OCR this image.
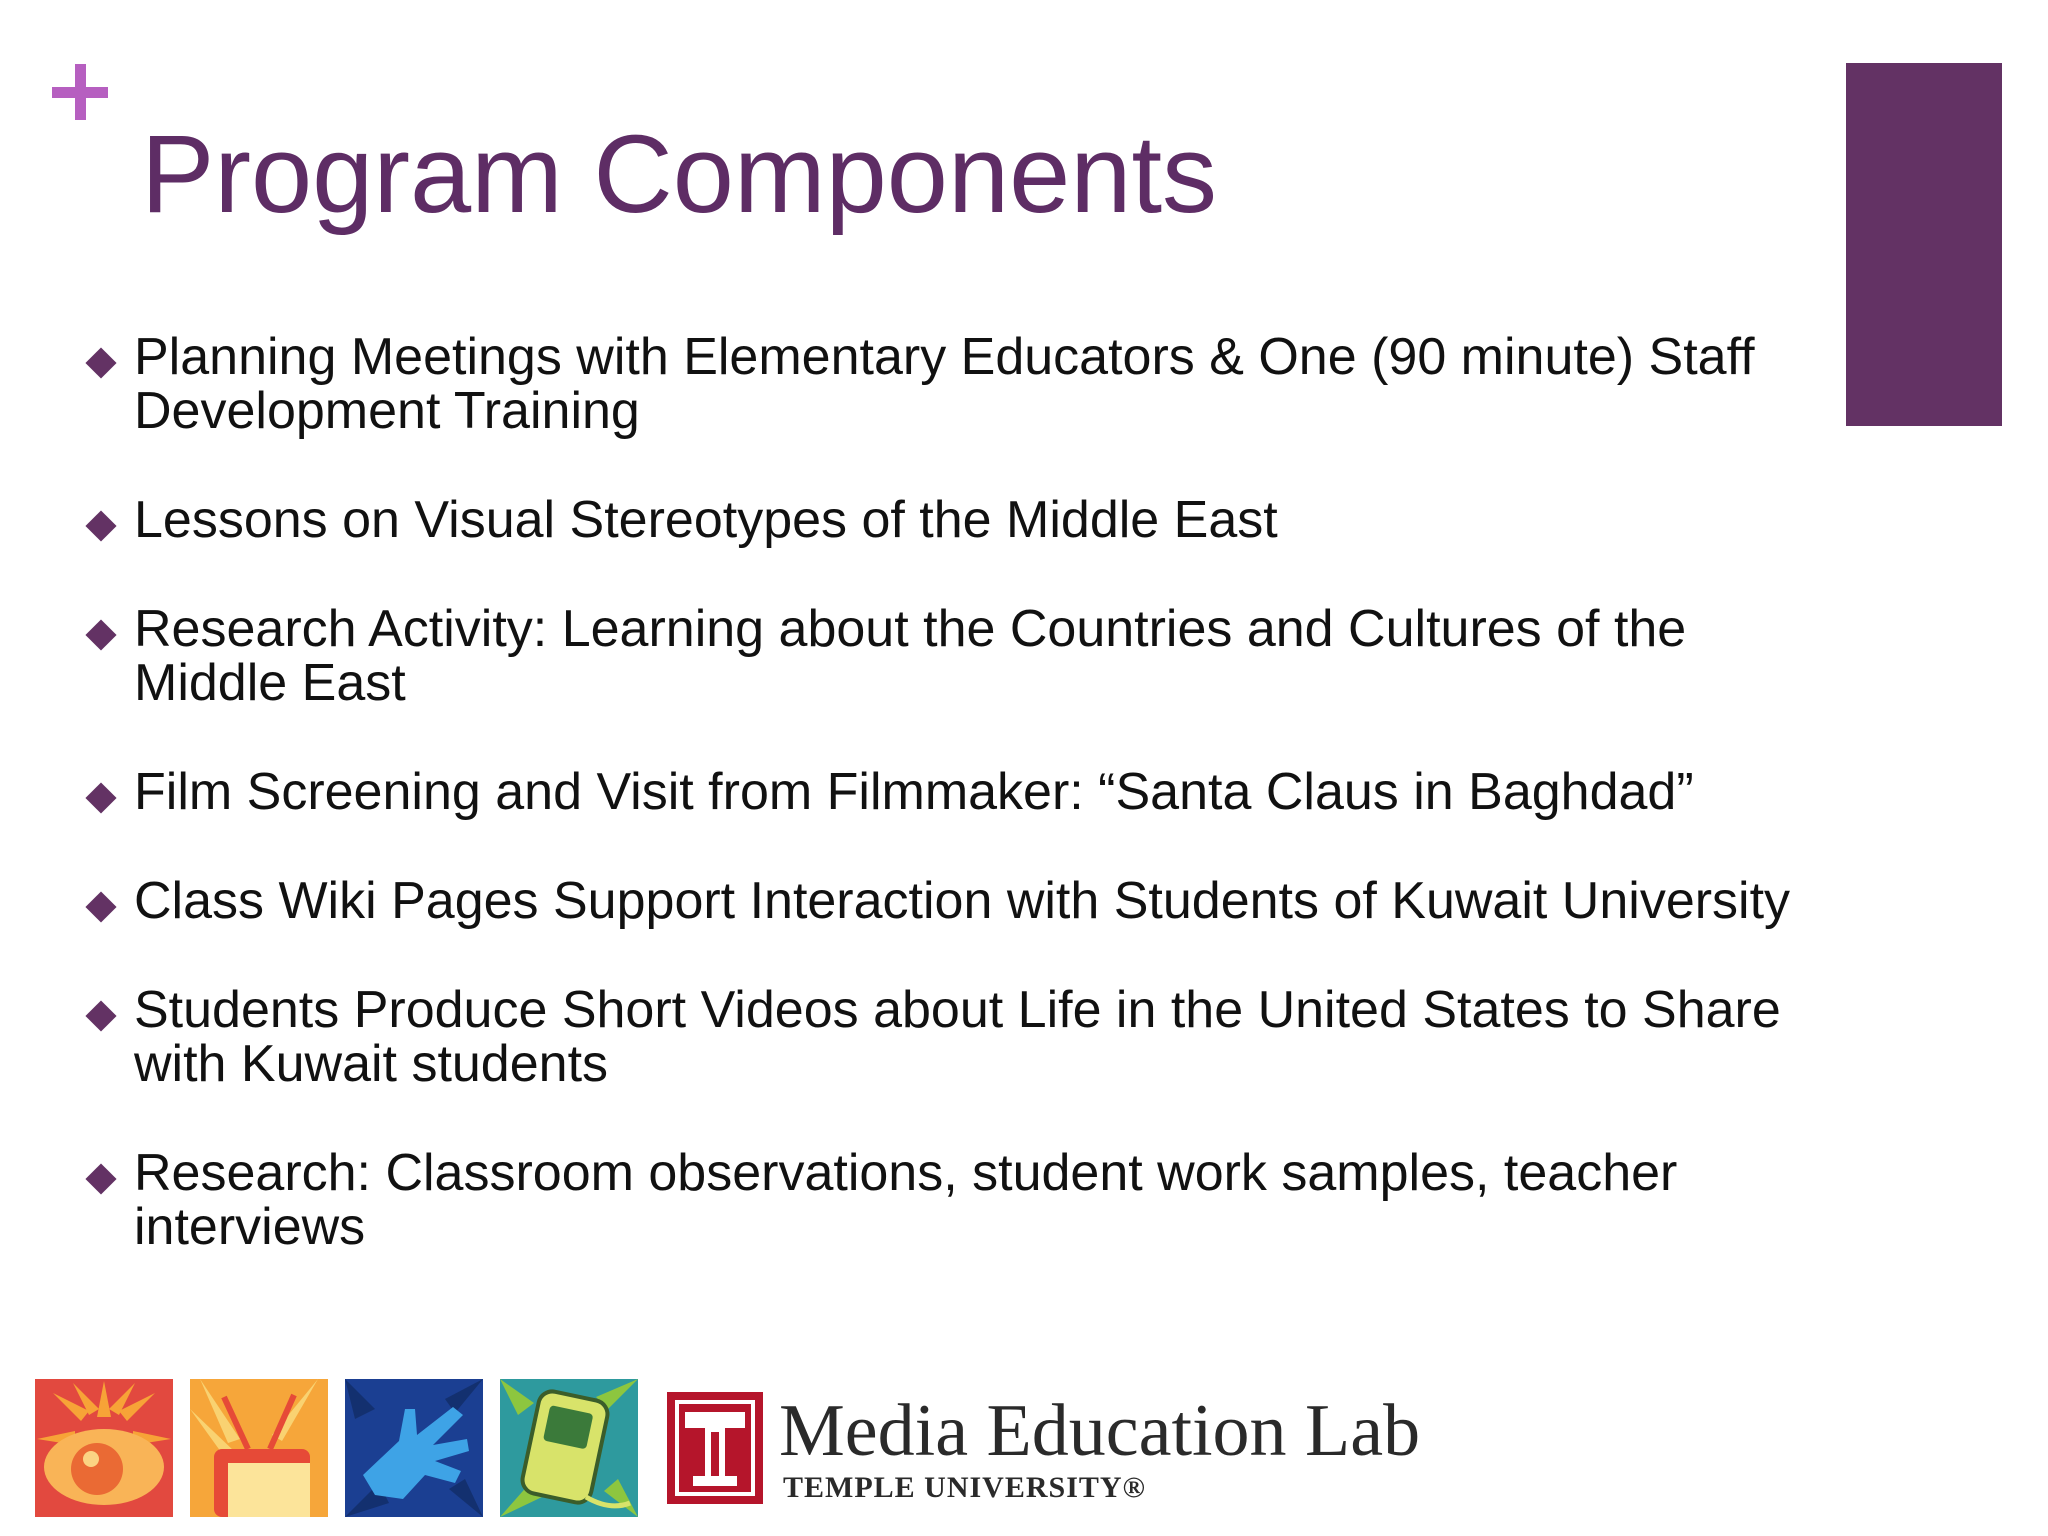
Program Components
Planning Meetings with Elementary Educators & One (90 minute) Staff Development Training
Lessons on Visual Stereotypes of the Middle East
Research Activity: Learning about the Countries and Cultures of the Middle East
Film Screening and Visit from Filmmaker: “Santa Claus in Baghdad”
Class Wiki Pages Support Interaction with Students of Kuwait University
Students Produce Short Videos about Life in the United States to Share with Kuwait students
Research: Classroom observations, student work samples, teacher interviews
Media Education Lab
TEMPLE UNIVERSITY®
